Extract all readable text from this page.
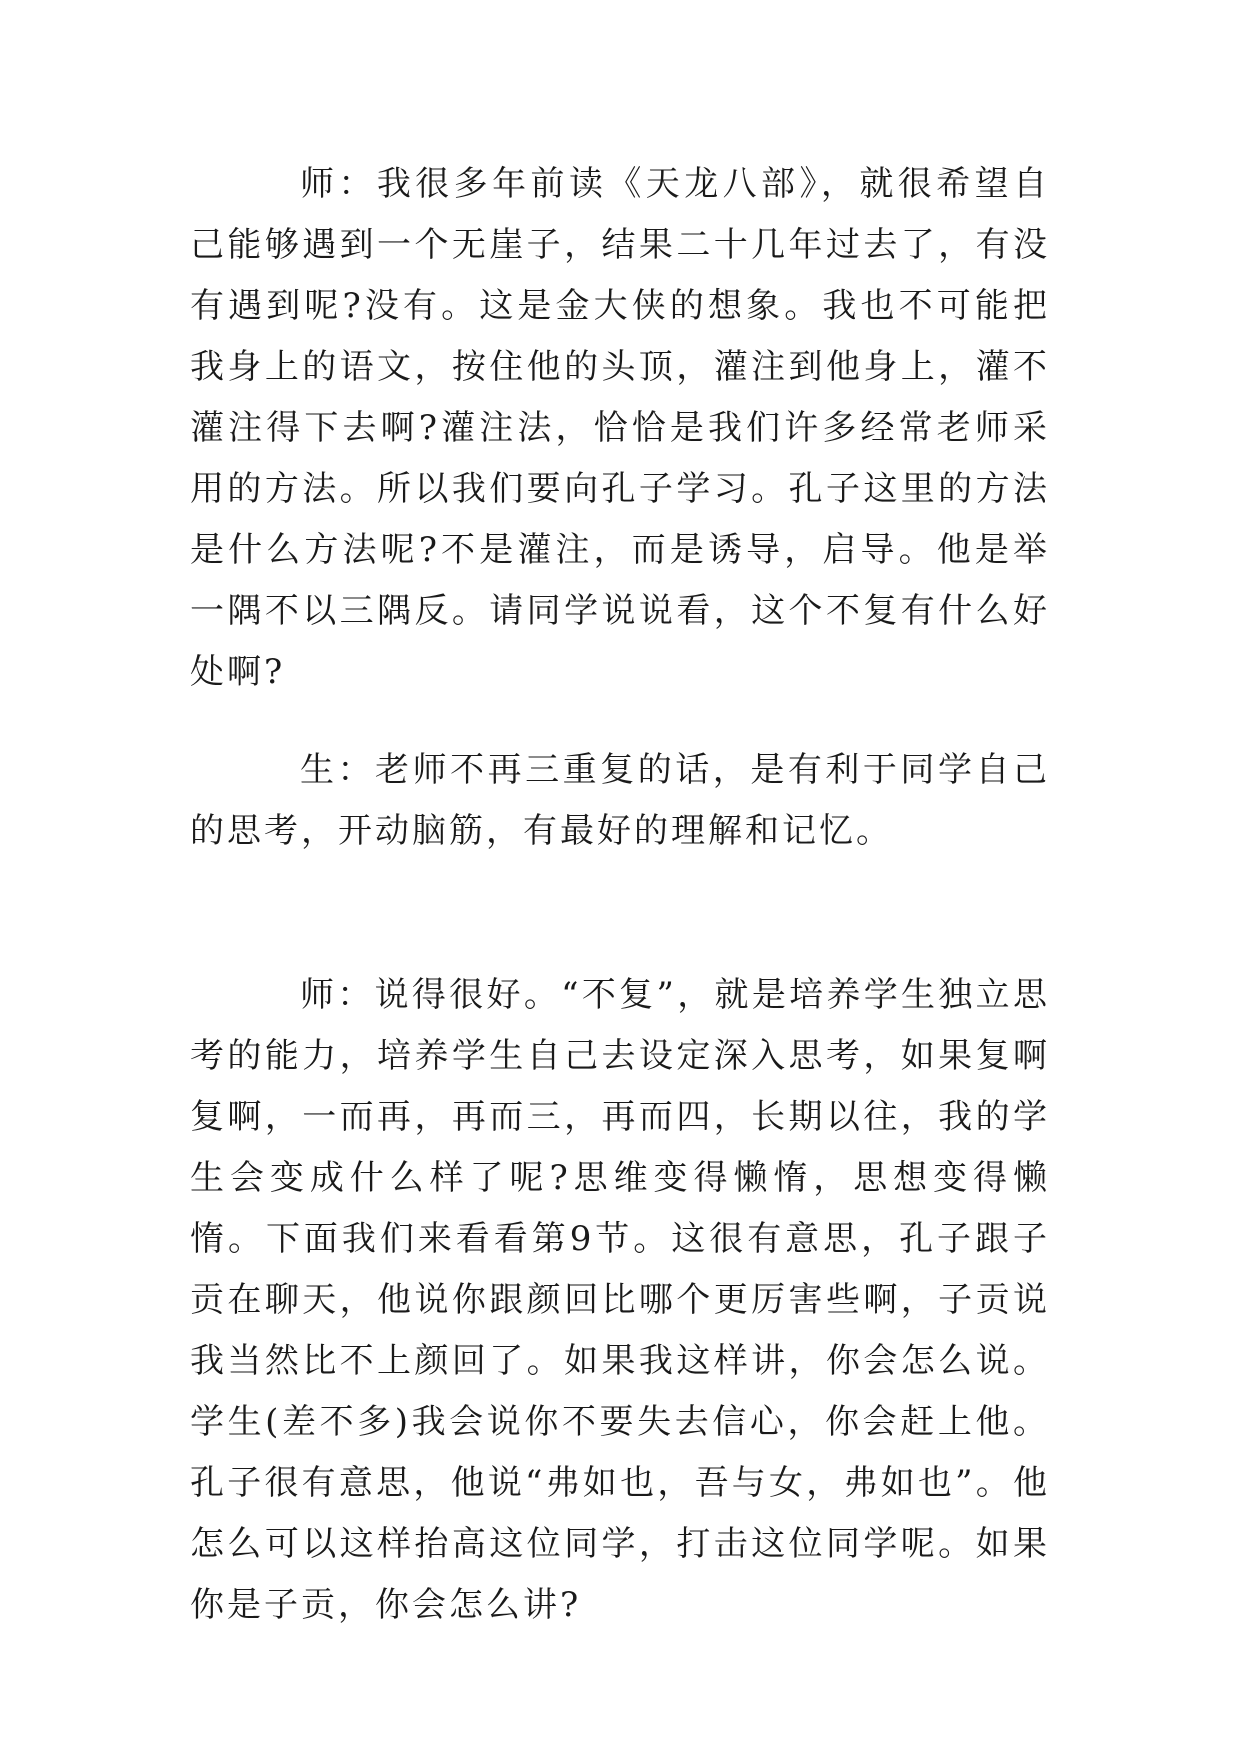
师：我很多年前读《天龙八部》，就很希望自己能够遇到一个无崖子，结果二十几年过去了，有没有遇到呢?没有。这是金大侠的想象。我也不可能把我身上的语文，按住他的头顶，灌注到他身上，灌不灌注得下去啊?灌注法，恰恰是我们许多经常老师采用的方法。所以我们要向孔子学习。孔子这里的方法是什么方法呢?不是灌注，而是诱导，启导。他是举一隅不以三隅反。请同学说说看，这个不复有什么好处啊?

生：老师不再三重复的话，是有利于同学自己的思考，开动脑筋，有最好的理解和记忆。

师：说得很好。“不复”，就是培养学生独立思考的能力，培养学生自己去设定深入思考，如果复啊复啊，一而再，再而三，再而四，长期以往，我的学生会变成什么样了呢?思维变得懒惰，思想变得懒惰。下面我们来看看第9节。这很有意思，孔子跟子贡在聊天，他说你跟颜回比哪个更厉害些啊，子贡说我当然比不上颜回了。如果我这样讲，你会怎么说。学生(差不多)我会说你不要失去信心，你会赶上他。孔子很有意思，他说“弗如也，吾与女，弗如也”。他怎么可以这样抬高这位同学，打击这位同学呢。如果你是子贡，你会怎么讲?
